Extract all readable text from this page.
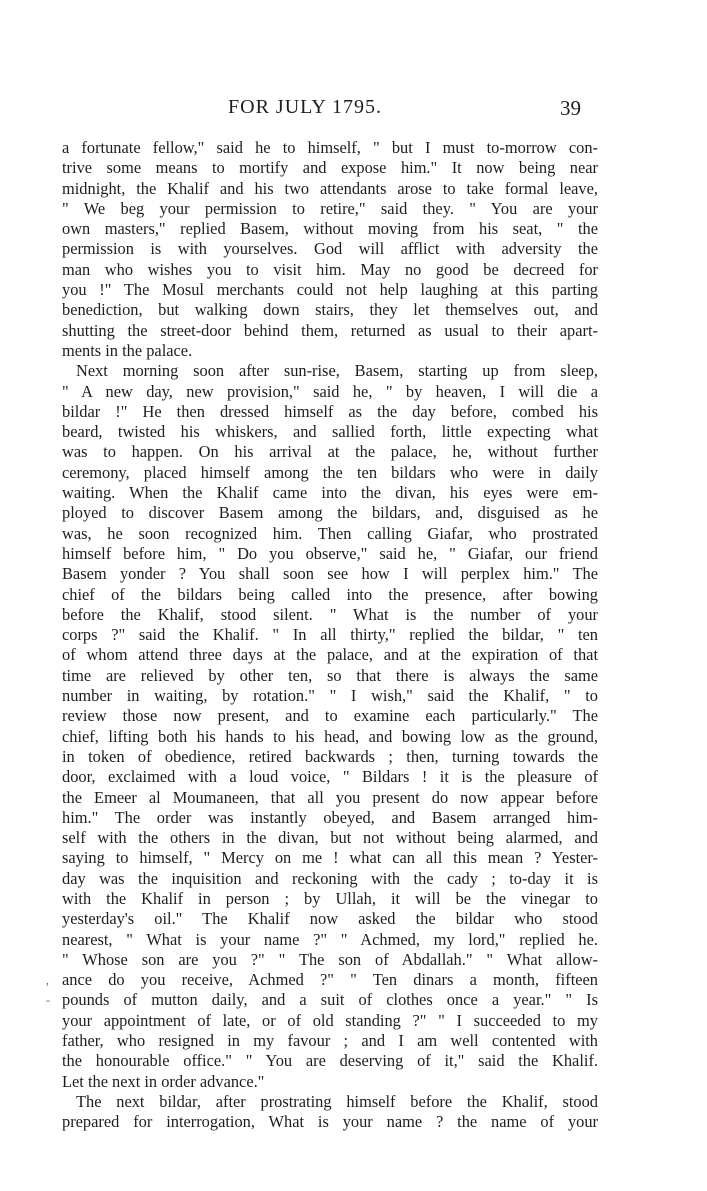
FOR JULY 1795.	39
a fortunate fellow," said he to himself, " but I must to-morrow con-
trive some means to mortify and expose him." It now being near
midnight, the Khalif and his two attendants arose to take formal leave,
" We beg your permission to retire," said they. " You are your
own masters," replied Basem, without moving from his seat, " the
permission is with yourselves. God will afflict with adversity the
man who wishes you to visit him. May no good be decreed for
you !" The Mosul merchants could not help laughing at this parting
benediction, but walking down stairs, they let themselves out, and
shutting the street-door behind them, returned as usual to their apart-
ments in the palace.
Next morning soon after sun-rise, Basem, starting up from sleep,
" A new day, new provision," said he, " by heaven, I will die a
bildar !" He then dressed himself as the day before, combed his
beard, twisted his whiskers, and sallied forth, little expecting what
was to happen. On his arrival at the palace, he, without further
ceremony, placed himself among the ten bildars who were in daily
waiting. When the Khalif came into the divan, his eyes were em-
ployed to discover Basem among the bildars, and, disguised as he
was, he soon recognized him. Then calling Giafar, who prostrated
himself before him, " Do you observe," said he, " Giafar, our friend
Basem yonder ? You shall soon see how I will perplex him." The
chief of the bildars being called into the presence, after bowing
before the Khalif, stood silent. " What is the number of your
corps ?" said the Khalif. " In all thirty," replied the bildar, " ten
of whom attend three days at the palace, and at the expiration of that
time are relieved by other ten, so that there is always the same
number in waiting, by rotation." " I wish," said the Khalif, " to
review those now present, and to examine each particularly." The
chief, lifting both his hands to his head, and bowing low as the ground,
in token of obedience, retired backwards ; then, turning towards the
door, exclaimed with a loud voice, " Bildars ! it is the pleasure of
the Emeer al Moumaneen, that all you present do now appear before
him." The order was instantly obeyed, and Basem arranged him-
self with the others in the divan, but not without being alarmed, and
saying to himself, " Mercy on me ! what can all this mean ? Yester-
day was the inquisition and reckoning with the cady ; to-day it is
with the Khalif in person ; by Ullah, it will be the vinegar to
yesterday's oil." The Khalif now asked the bildar who stood
nearest, " What is your name ?" " Achmed, my lord," replied he.
" Whose son are you ?" " The son of Abdallah." " What allow-
ance do you receive, Achmed ?" " Ten dinars a month, fifteen
pounds of mutton daily, and a suit of clothes once a year." " Is
your appointment of late, or of old standing ?" " I succeeded to my
father, who resigned in my favour ; and I am well contented with
the honourable office." " You are deserving of it," said the Khalif.
Let the next in order advance."
The next bildar, after prostrating himself before the Khalif, stood
prepared for interrogation, What is your name ? the name of your
,
-
